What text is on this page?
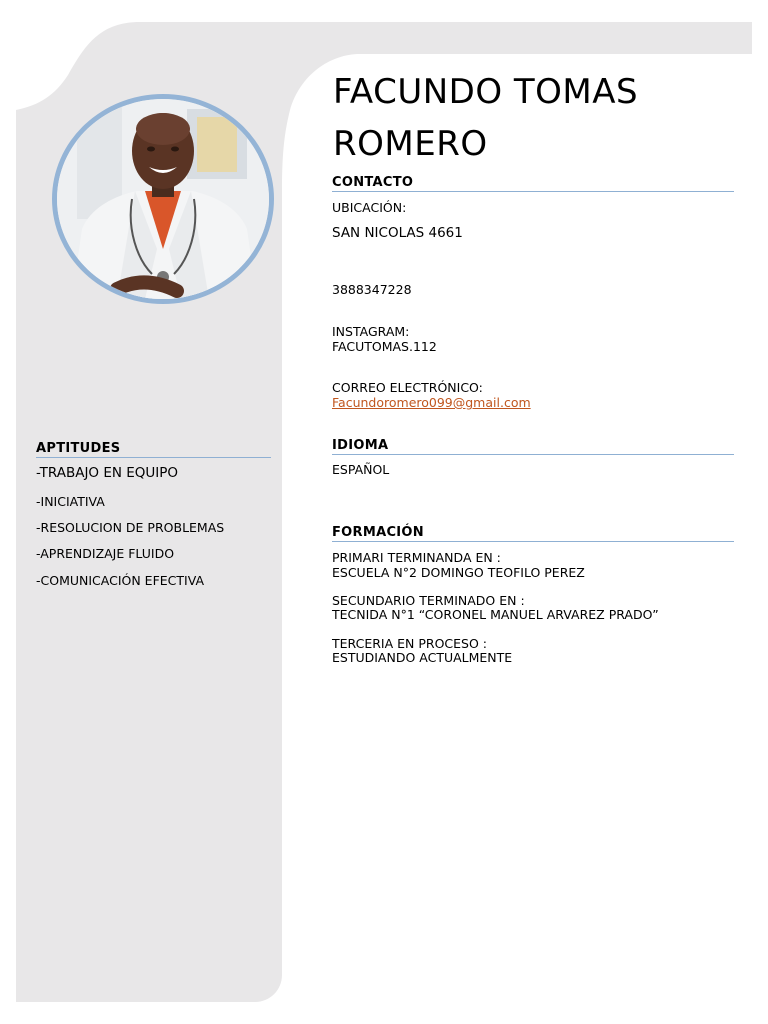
FACUNDO TOMAS
ROMERO
CONTACTO
UBICACIÓN:
SAN NICOLAS 4661
3888347228
INSTAGRAM:
FACUTOMAS.112
CORREO ELECTRÓNICO:
Facundoromero099@gmail.com
APTITUDES
-TRABAJO EN EQUIPO
-INICIATIVA
-RESOLUCION DE PROBLEMAS
-APRENDIZAJE FLUIDO
-COMUNICACIÓN EFECTIVA
IDIOMA
ESPAÑOL
FORMACIÓN
PRIMARI TERMINANDA EN :
ESCUELA N°2 DOMINGO TEOFILO PEREZ
SECUNDARIO TERMINADO EN :
TECNIDA N°1 “CORONEL MANUEL ARVAREZ PRADO”
TERCERIA EN PROCESO :
ESTUDIANDO ACTUALMENTE
